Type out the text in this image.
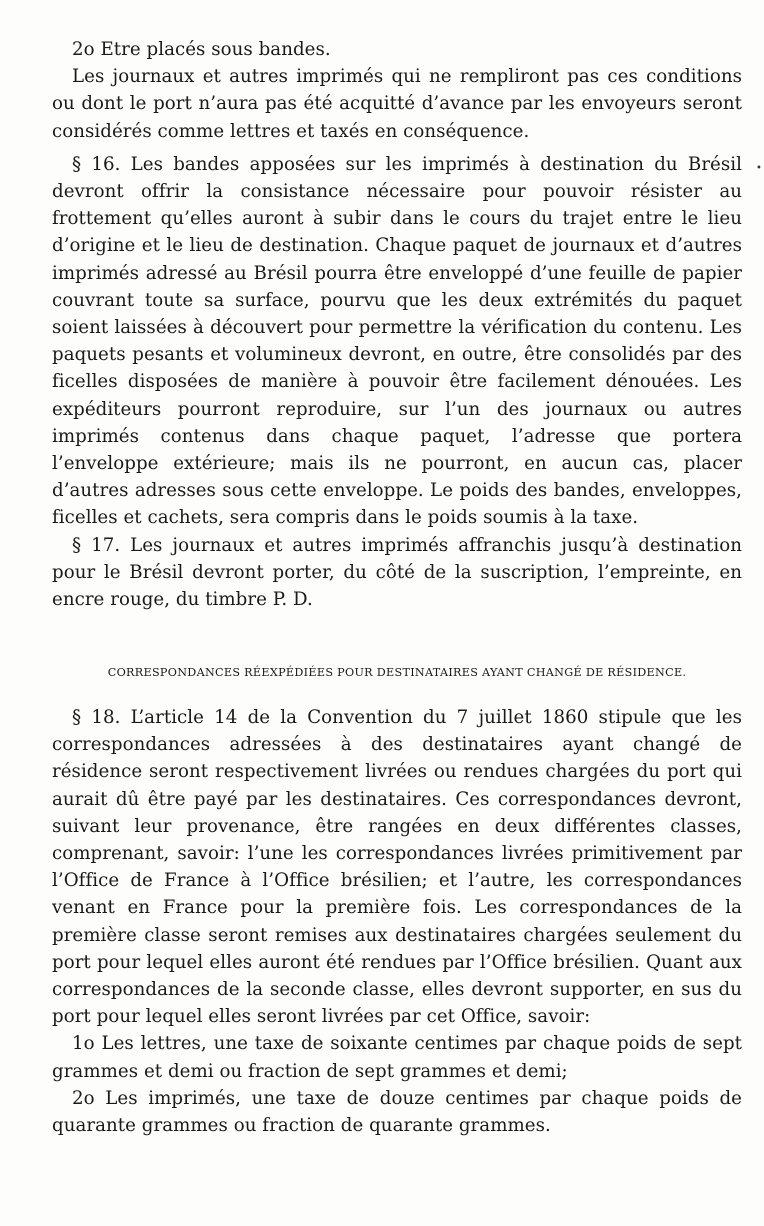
2o Etre placés sous bandes.

Les journaux et autres imprimés qui ne rempliront pas ces conditions ou dont le port n’aura pas été acquitté d’avance par les envoyeurs seront considérés comme lettres et taxés en conséquence.

§ 16. Les bandes apposées sur les imprimés à destination du Brésil devront offrir la consistance nécessaire pour pouvoir résister au frottement qu’elles auront à subir dans le cours du trajet entre le lieu d’origine et le lieu de destination. Chaque paquet de journaux et d’autres imprimés adressé au Brésil pourra être enveloppé d’une feuille de papier couvrant toute sa surface, pourvu que les deux extrémités du paquet soient laissées à découvert pour permettre la vérification du contenu. Les paquets pesants et volumineux devront, en outre, être consolidés par des ficelles disposées de manière à pouvoir être facilement dénouées. Les expéditeurs pourront reproduire, sur l’un des journaux ou autres imprimés contenus dans chaque paquet, l’adresse que portera l’enveloppe extérieure; mais ils ne pourront, en aucun cas, placer d’autres adresses sous cette enveloppe. Le poids des bandes, enveloppes, ficelles et cachets, sera compris dans le poids soumis à la taxe.

§ 17. Les journaux et autres imprimés affranchis jusqu’à destination pour le Brésil devront porter, du côté de la suscription, l’empreinte, en encre rouge, du timbre P. D.

CORRESPONDANCES RÉEXPÉDIÉES POUR DESTINATAIRES AYANT CHANGÉ DE RÉSIDENCE.

§ 18. L’article 14 de la Convention du 7 juillet 1860 stipule que les correspondances adressées à des destinataires ayant changé de résidence seront respectivement livrées ou rendues chargées du port qui aurait dû être payé par les destinataires. Ces correspondances devront, suivant leur provenance, être rangées en deux différentes classes, comprenant, savoir: l’une les correspondances livrées primitivement par l’Office de France à l’Office brésilien; et l’autre, les correspondances venant en France pour la première fois. Les correspondances de la première classe seront remises aux destinataires chargées seulement du port pour lequel elles auront été rendues par l’Office brésilien. Quant aux correspondances de la seconde classe, elles devront supporter, en sus du port pour lequel elles seront livrées par cet Office, savoir:

1o Les lettres, une taxe de soixante centimes par chaque poids de sept grammes et demi ou fraction de sept grammes et demi;

2o Les imprimés, une taxe de douze centimes par chaque poids de quarante grammes ou fraction de quarante grammes.

•
